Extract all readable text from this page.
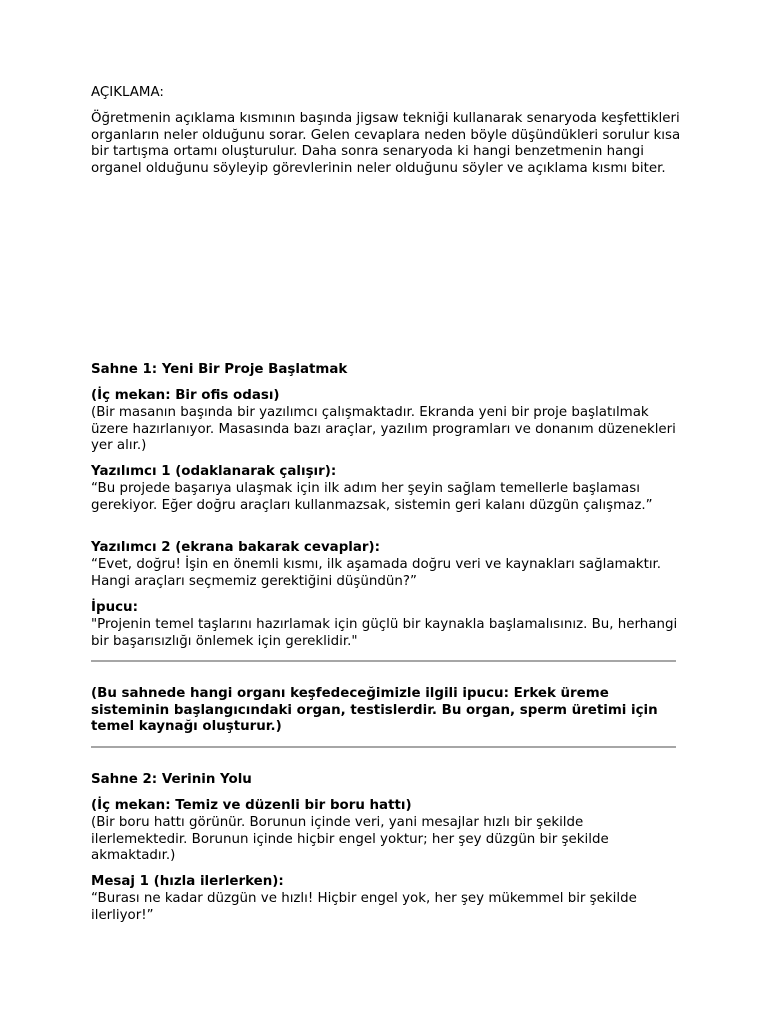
AÇIKLAMA:

Öğretmenin açıklama kısmının başında jigsaw tekniği kullanarak senaryoda keşfettikleri organların neler olduğunu sorar. Gelen cevaplara neden böyle düşündükleri sorulur kısa bir tartışma ortamı oluşturulur. Daha sonra senaryoda ki hangi benzetmenin hangi organel olduğunu söyleyip görevlerinin neler olduğunu söyler ve açıklama kısmı biter.

Sahne 1: Yeni Bir Proje Başlatmak

(İç mekan: Bir ofis odası)

(Bir masanın başında bir yazılımcı çalışmaktadır. Ekranda yeni bir proje başlatılmak üzere hazırlanıyor. Masasında bazı araçlar, yazılım programları ve donanım düzenekleri yer alır.)

Yazılımcı 1 (odaklanarak çalışır):

“Bu projede başarıya ulaşmak için ilk adım her şeyin sağlam temellerle başlaması gerekiyor. Eğer doğru araçları kullanmazsak, sistemin geri kalanı düzgün çalışmaz.”

Yazılımcı 2 (ekrana bakarak cevaplar):

“Evet, doğru! İşin en önemli kısmı, ilk aşamada doğru veri ve kaynakları sağlamaktır. Hangi araçları seçmemiz gerektiğini düşündün?”

İpucu:

"Projenin temel taşlarını hazırlamak için güçlü bir kaynakla başlamalısınız. Bu, herhangi bir başarısızlığı önlemek için gereklidir."

(Bu sahnede hangi organı keşfedeceğimizle ilgili ipucu: Erkek üreme sisteminin başlangıcındaki organ, testislerdir. Bu organ, sperm üretimi için temel kaynağı oluşturur.)

Sahne 2: Verinin Yolu

(İç mekan: Temiz ve düzenli bir boru hattı)

(Bir boru hattı görünür. Borunun içinde veri, yani mesajlar hızlı bir şekilde ilerlemektedir. Borunun içinde hiçbir engel yoktur; her şey düzgün bir şekilde akmaktadır.)

Mesaj 1 (hızla ilerlerken):

“Burası ne kadar düzgün ve hızlı! Hiçbir engel yok, her şey mükemmel bir şekilde ilerliyor!”
